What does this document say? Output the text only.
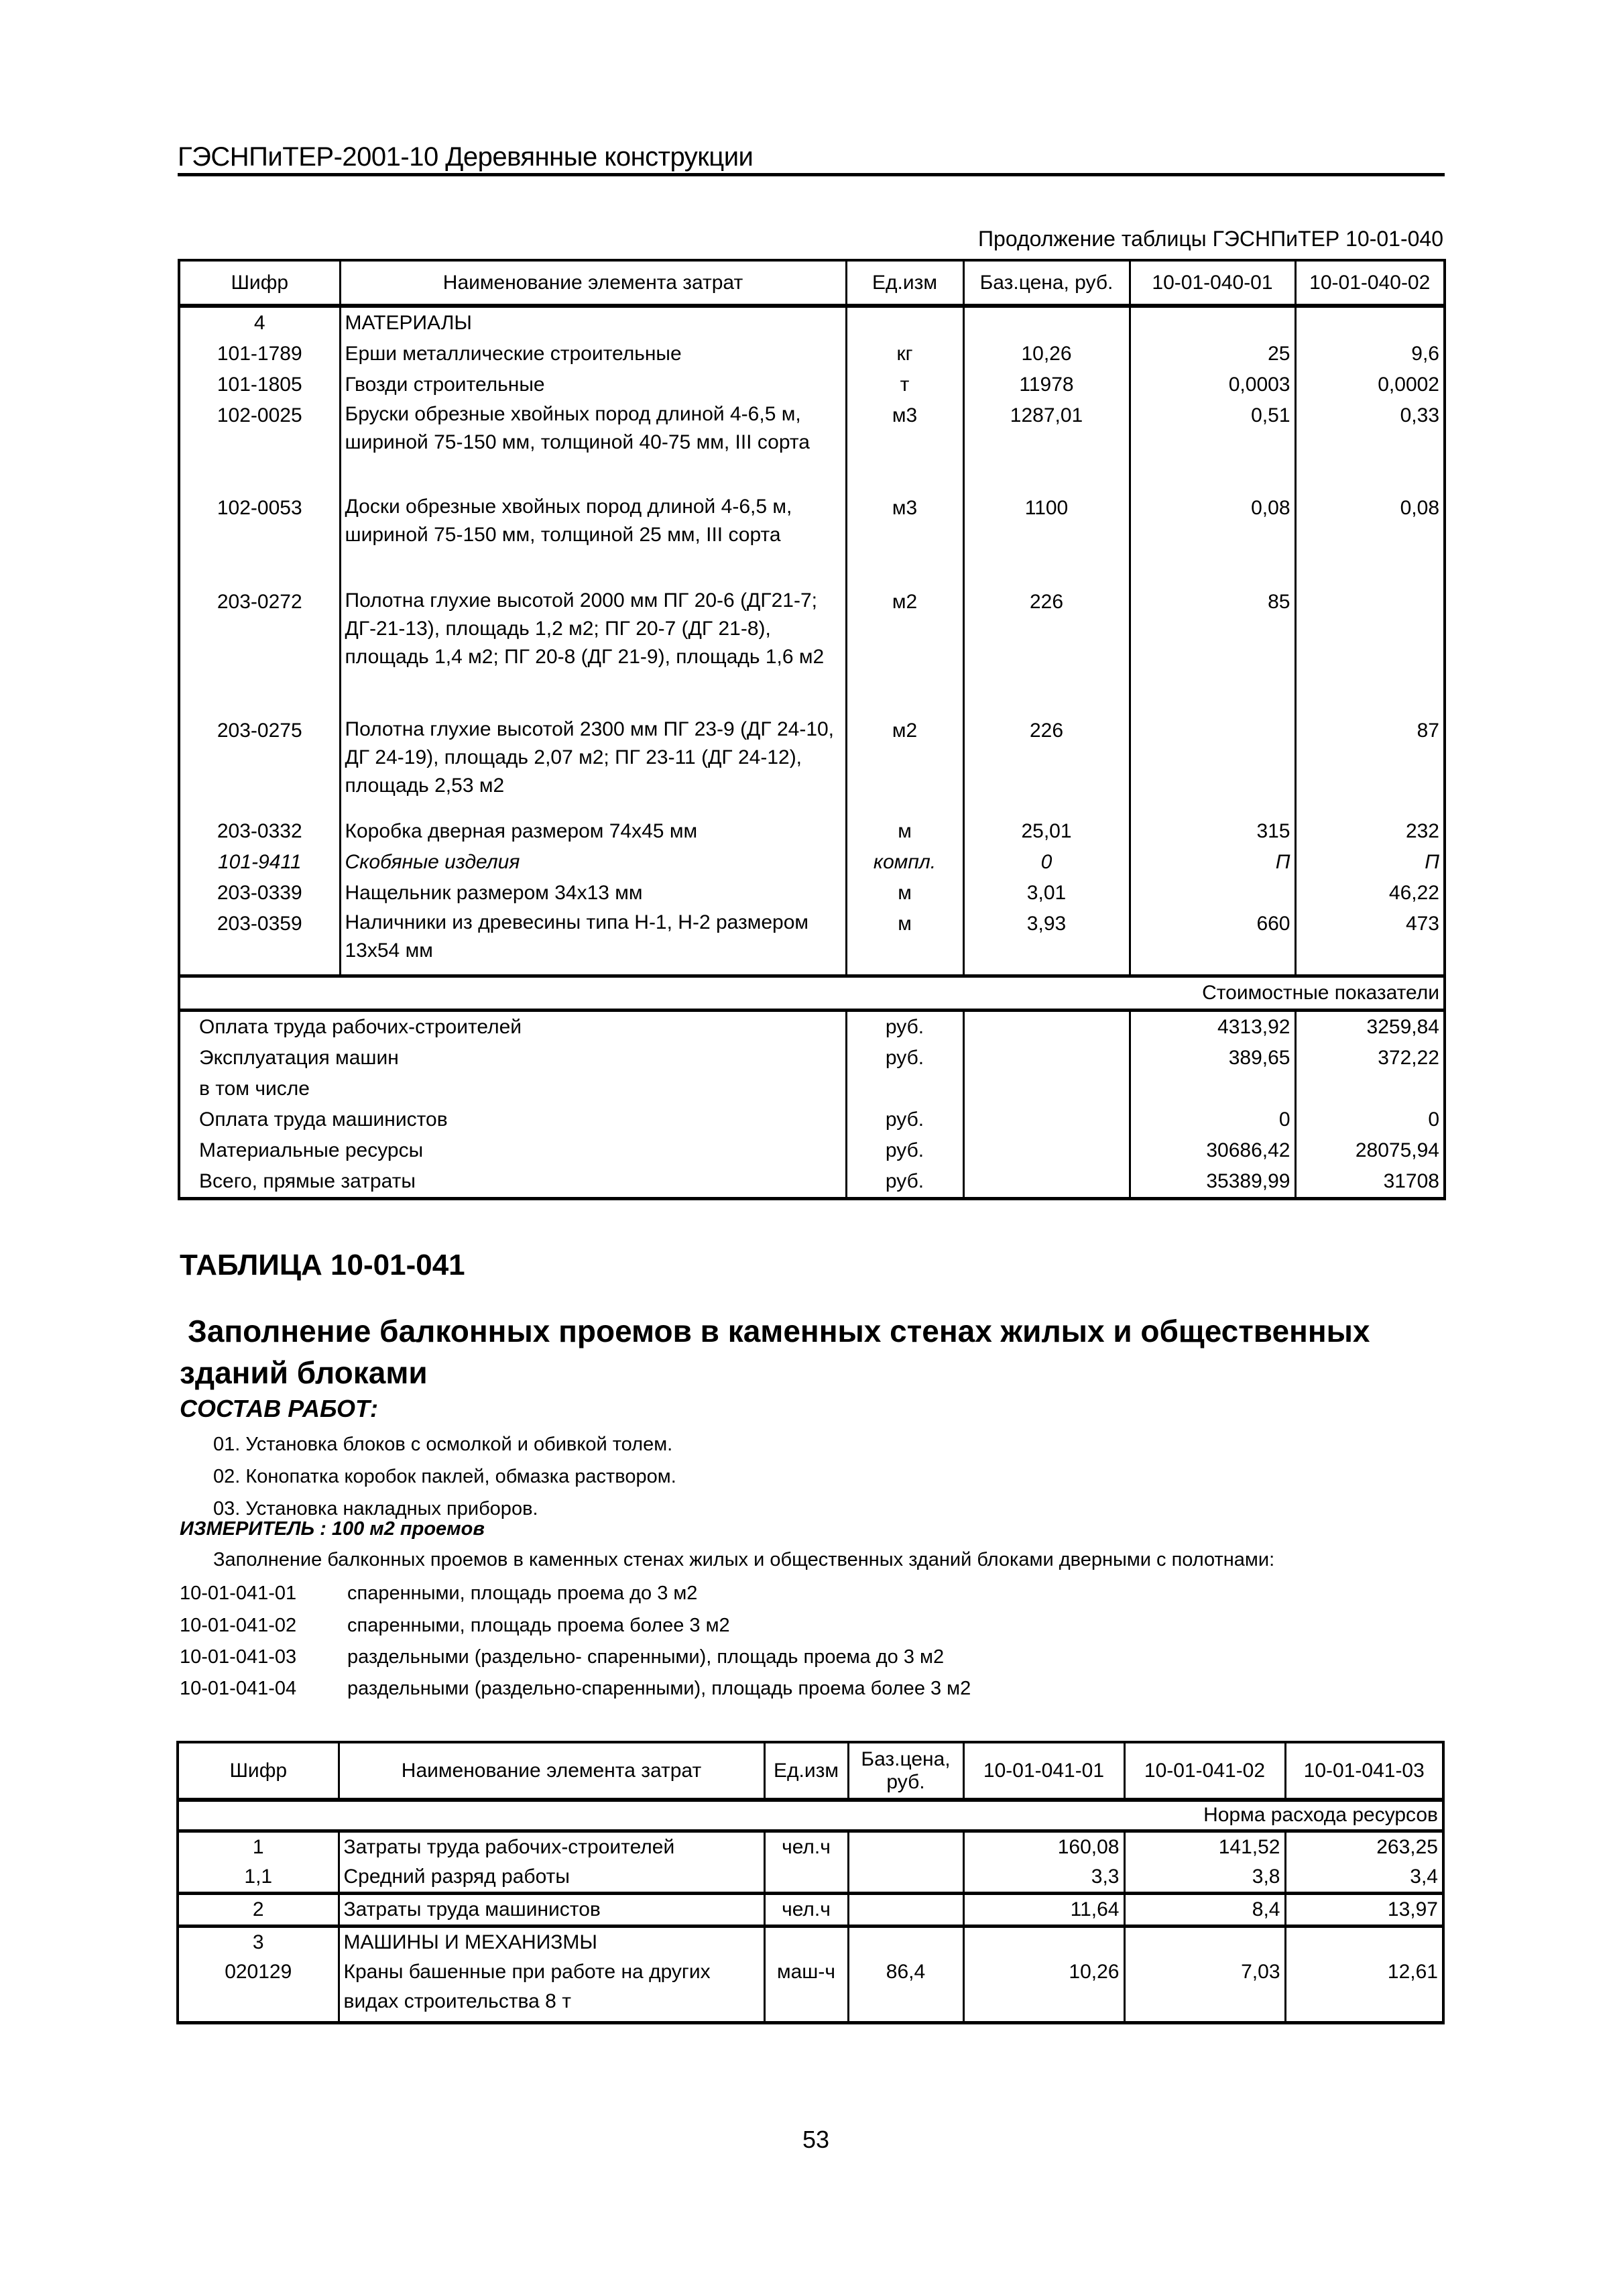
ГЭСНПиТЕР-2001-10 Деревянные конструкции
Продолжение таблицы ГЭСНПиТЕР 10-01-040
Шифр	Наименование элемента затрат	Ед.изм	Баз.цена, руб.	10-01-040-01	10-01-040-02
4	МАТЕРИАЛЫ				
101-1789	Ерши металлические строительные	кг	10,26	25	9,6
101-1805	Гвозди строительные	т	11978	0,0003	0,0002
102-0025	Бруски обрезные хвойных пород длиной 4-6,5 м, шириной 75-150 мм, толщиной 40-75 мм, III сорта	м3	1287,01	0,51	0,33
102-0053	Доски обрезные хвойных пород длиной 4-6,5 м, шириной 75-150 мм, толщиной 25 мм, III сорта	м3	1100	0,08	0,08
203-0272	Полотна глухие высотой 2000 мм ПГ 20-6 (ДГ21-7; ДГ-21-13), площадь 1,2 м2; ПГ 20-7 (ДГ 21-8), площадь 1,4 м2; ПГ 20-8 (ДГ 21-9), площадь 1,6 м2	м2	226	85	
203-0275	Полотна глухие высотой 2300 мм ПГ 23-9 (ДГ 24-10, ДГ 24-19), площадь 2,07 м2; ПГ 23-11 (ДГ 24-12), площадь 2,53 м2	м2	226		87
203-0332	Коробка дверная размером 74x45 мм	м	25,01	315	232
101-9411	Скобяные изделия	компл.	0	П	П
203-0339	Нащельник размером 34x13 мм	м	3,01		46,22
203-0359	Наличники из древесины типа Н-1, Н-2 размером 13x54 мм	м	3,93	660	473
Стоимостные показатели					
Оплата труда рабочих-строителей		руб.		4313,92	3259,84
Эксплуатация машин		руб.		389,65	372,22
в том числе					
Оплата труда машинистов		руб.		0	0
Материальные ресурсы		руб.		30686,42	28075,94
Всего, прямые затраты		руб.		35389,99	31708
ТАБЛИЦА 10-01-041
Заполнение балконных проемов в каменных стенах жилых и общественных
зданий блоками
СОСТАВ РАБОТ:
01. Установка блоков с осмолкой и обивкой толем.
02. Конопатка коробок паклей, обмазка раствором.
03. Установка накладных приборов.
ИЗМЕРИТЕЛЬ : 100 м2 проемов
Заполнение балконных проемов в каменных стенах жилых и общественных зданий блоками дверными с полотнами:
10-01-041-01	спаренными, площадь проема до 3 м2
10-01-041-02	спаренными, площадь проема более 3 м2
10-01-041-03	раздельными (раздельно- спаренными), площадь проема до 3 м2
10-01-041-04	раздельными (раздельно-спаренными), площадь проема более 3 м2
Шифр	Наименование элемента затрат	Ед.изм	Баз.цена, руб.	10-01-041-01	10-01-041-02	10-01-041-03
Норма расхода ресурсов						
1	Затраты труда рабочих-строителей	чел.ч		160,08	141,52	263,25
1,1	Средний разряд работы			3,3	3,8	3,4
2	Затраты труда машинистов	чел.ч		11,64	8,4	13,97
3	МАШИНЫ И МЕХАНИЗМЫ					
020129	Краны башенные при работе на других видах строительства 8 т	маш-ч	86,4	10,26	7,03	12,61
53
